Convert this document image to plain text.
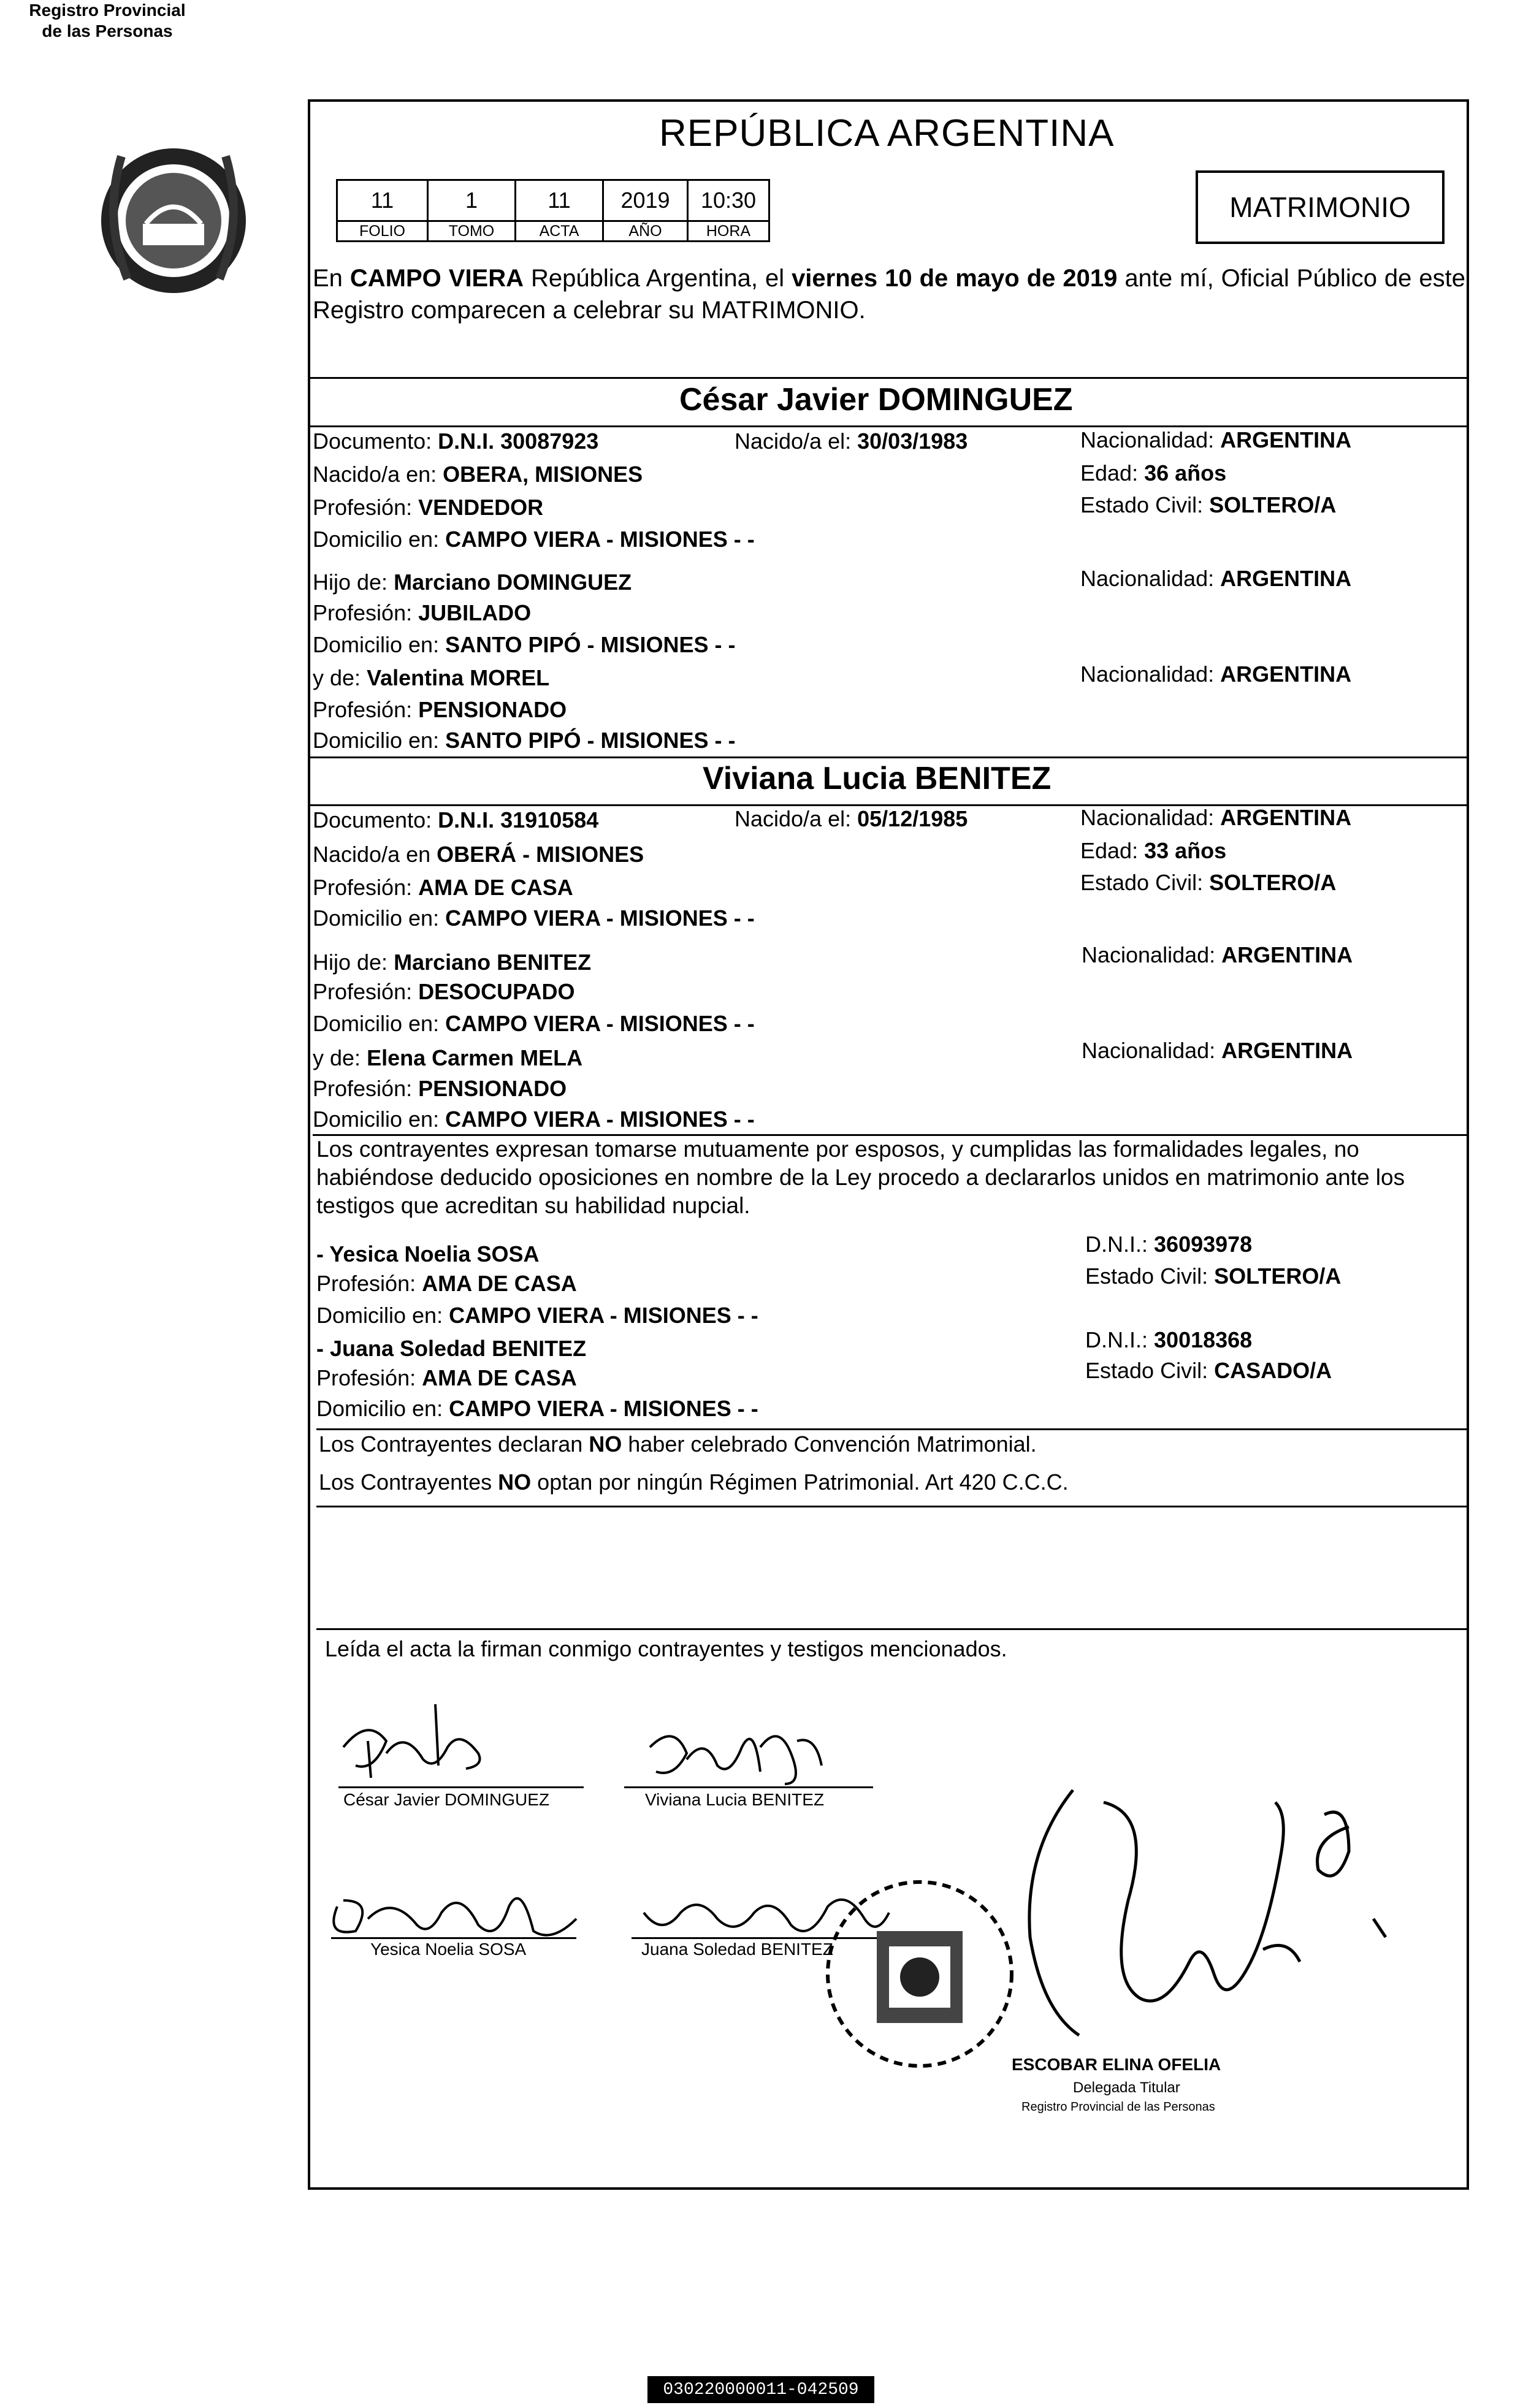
Registro Provincial
de las Personas
REPÚBLICA ARGENTINA
11	1	11	2019	10:30
FOLIO	TOMO	ACTA	AÑO	HORA
MATRIMONIO
En CAMPO VIERA República Argentina, el viernes 10 de mayo de 2019 ante mí, Oficial Público de este Registro comparecen a celebrar su MATRIMONIO.
César Javier DOMINGUEZ
Documento: D.N.I. 30087923	Nacido/a el: 30/03/1983	Nacionalidad: ARGENTINA
Nacido/a en: OBERA, MISIONES	Edad: 36 años
Profesión: VENDEDOR	Estado Civil: SOLTERO/A
Domicilio en: CAMPO VIERA - MISIONES - -
Hijo de: Marciano DOMINGUEZ	Nacionalidad: ARGENTINA
Profesión: JUBILADO
Domicilio en: SANTO PIPÓ - MISIONES - -
y de: Valentina MOREL	Nacionalidad: ARGENTINA
Profesión: PENSIONADO
Domicilio en: SANTO PIPÓ - MISIONES - -
Viviana Lucia BENITEZ
Documento: D.N.I. 31910584	Nacido/a el: 05/12/1985	Nacionalidad: ARGENTINA
Nacido/a en OBERÁ - MISIONES	Edad: 33 años
Profesión: AMA DE CASA	Estado Civil: SOLTERO/A
Domicilio en: CAMPO VIERA - MISIONES - -
Hijo de: Marciano BENITEZ	Nacionalidad: ARGENTINA
Profesión: DESOCUPADO
Domicilio en: CAMPO VIERA - MISIONES - -
y de: Elena Carmen MELA	Nacionalidad: ARGENTINA
Profesión: PENSIONADO
Domicilio en: CAMPO VIERA - MISIONES - -
Los contrayentes expresan tomarse mutuamente por esposos, y cumplidas las formalidades legales, no habiéndose deducido oposiciones en nombre de la Ley procedo a declararlos unidos en matrimonio ante los testigos que acreditan su habilidad nupcial.
- Yesica Noelia SOSA	D.N.I.: 36093978
Profesión: AMA DE CASA	Estado Civil: SOLTERO/A
Domicilio en: CAMPO VIERA - MISIONES - -
- Juana Soledad BENITEZ	D.N.I.: 30018368
Profesión: AMA DE CASA	Estado Civil: CASADO/A
Domicilio en: CAMPO VIERA - MISIONES - -
Los Contrayentes declaran NO haber celebrado Convención Matrimonial.
Los Contrayentes NO optan por ningún Régimen Patrimonial. Art 420 C.C.C.
Leída el acta la firman conmigo contrayentes y testigos mencionados.
César Javier DOMINGUEZ	Viviana Lucia BENITEZ
Yesica Noelia SOSA	Juana Soledad BENITEZ
ESCOBAR ELINA OFELIA
Delegada Titular
Registro Provincial de las Personas
030220000011-042509
